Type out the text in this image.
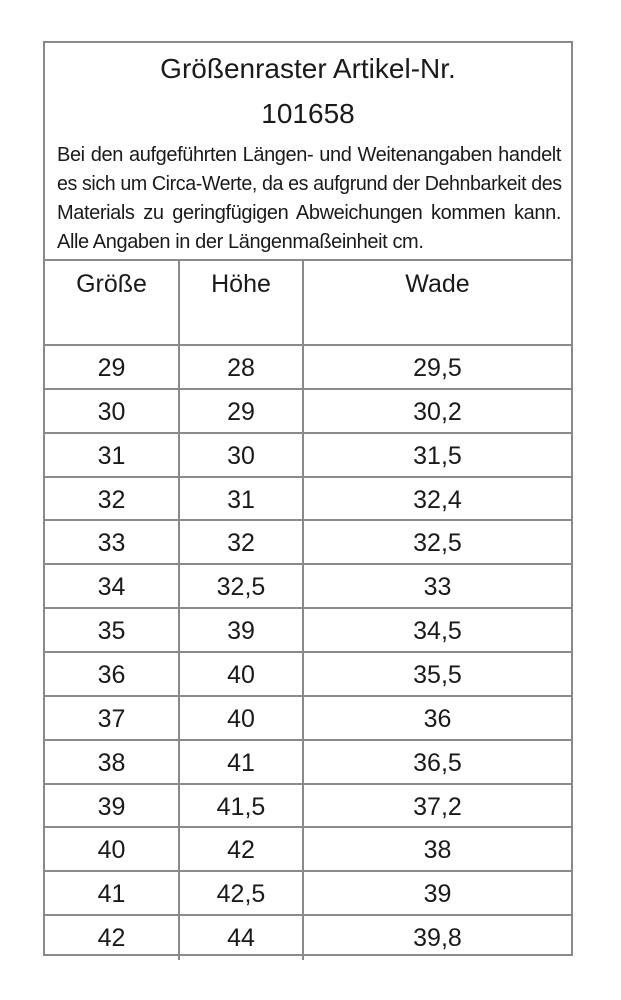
Größenraster Artikel-Nr.
101658
Bei den aufgeführten Längen- und Weitenangaben handelt
es sich um Circa-Werte, da es aufgrund der Dehnbarkeit des
Materials zu geringfügigen Abweichungen kommen kann.
Alle Angaben in der Längenmaßeinheit cm.
Größe	Höhe	Wade
29	28	29,5
30	29	30,2
31	30	31,5
32	31	32,4
33	32	32,5
34	32,5	33
35	39	34,5
36	40	35,5
37	40	36
38	41	36,5
39	41,5	37,2
40	42	38
41	42,5	39
42	44	39,8
